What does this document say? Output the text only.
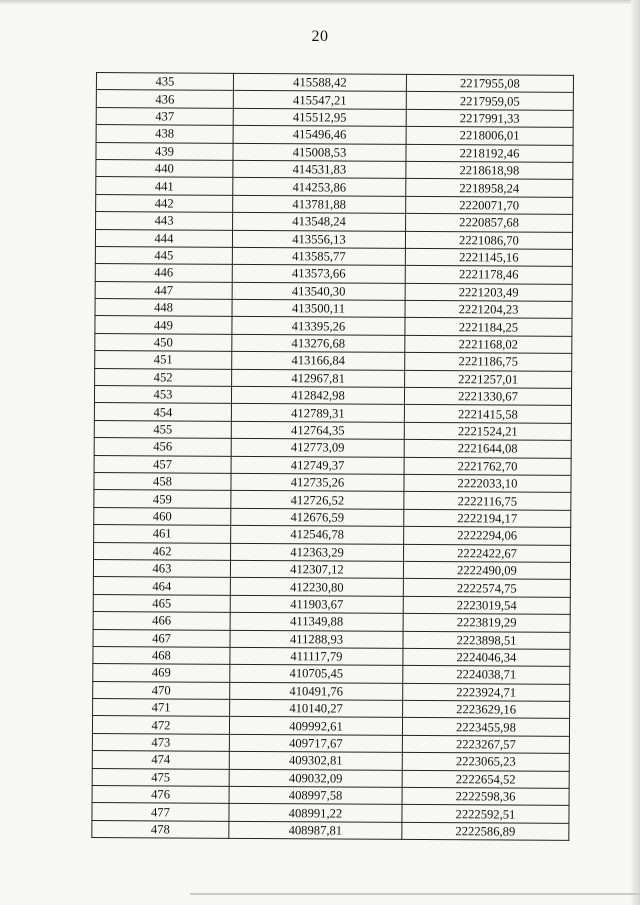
20
435	415588,42	2217955,08
436	415547,21	2217959,05
437	415512,95	2217991,33
438	415496,46	2218006,01
439	415008,53	2218192,46
440	414531,83	2218618,98
441	414253,86	2218958,24
442	413781,88	2220071,70
443	413548,24	2220857,68
444	413556,13	2221086,70
445	413585,77	2221145,16
446	413573,66	2221178,46
447	413540,30	2221203,49
448	413500,11	2221204,23
449	413395,26	2221184,25
450	413276,68	2221168,02
451	413166,84	2221186,75
452	412967,81	2221257,01
453	412842,98	2221330,67
454	412789,31	2221415,58
455	412764,35	2221524,21
456	412773,09	2221644,08
457	412749,37	2221762,70
458	412735,26	2222033,10
459	412726,52	2222116,75
460	412676,59	2222194,17
461	412546,78	2222294,06
462	412363,29	2222422,67
463	412307,12	2222490,09
464	412230,80	2222574,75
465	411903,67	2223019,54
466	411349,88	2223819,29
467	411288,93	2223898,51
468	411117,79	2224046,34
469	410705,45	2224038,71
470	410491,76	2223924,71
471	410140,27	2223629,16
472	409992,61	2223455,98
473	409717,67	2223267,57
474	409302,81	2223065,23
475	409032,09	2222654,52
476	408997,58	2222598,36
477	408991,22	2222592,51
478	408987,81	2222586,89
